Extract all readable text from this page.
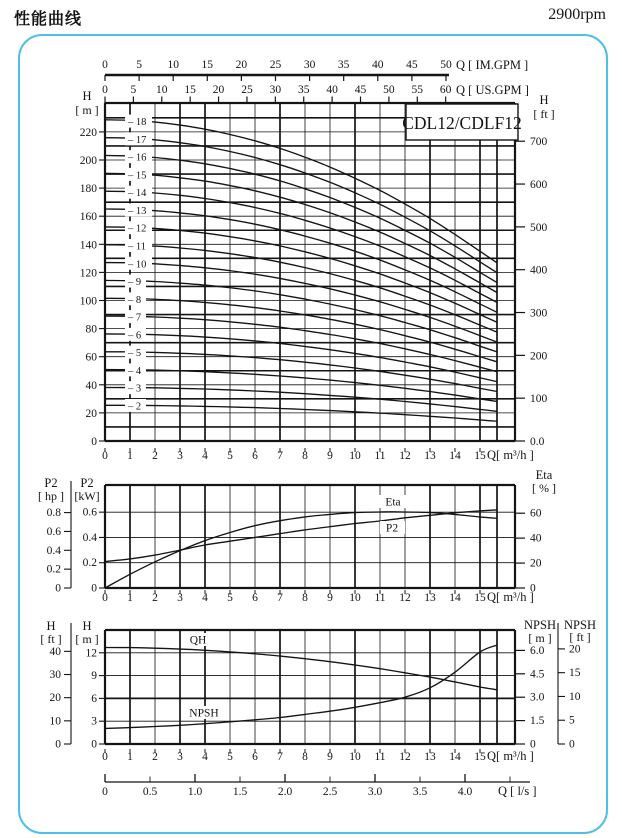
性能曲线	2900rpm
0 5 10 15 20 25 30 35 40 45 50 Q [ IM.GPM ]
0 5 10 15 20 25 30 35 40 45 50 55 60 Q [ US.GPM ]
0
20
40
60
80
100
120
140
160
180
200
220
H
[ m ]
700
600
500
400
300
200
100
0.0
H
[ ft ]
– 2
– 3
– 4
– 5
– 6
– 7
– 8
– 9
– 10
– 11
– 12
– 13
– 14
– 15
– 16
– 17
– 18	CDL12/CDLF12
0 1 2 3 4 5 6 7 8 9 10 11 12 13 14 15 Q[ m³/h ]
0.8
0.6
0.4
0.2
0
P2
[ hp ]
0.6
0.4
0.2
0
P2
[kW]
60
40
20
0
Eta
[ % ]
Eta
P2
0 1 2 3 4 5 6 7 8 9 10 11 12 13 14 15 Q[ m³/h ]
40
30
20
10
0
H
[ ft ]
12
9
6
3
0
H
[ m ]
6.0
4.5
3.0
1.5
0
NPSH
[ m ]
20
15
10
5
0
NPSH
[ ft ]
QH
NPSH
0 1 2 3 4 5 6 7 8 9 10 11 12 13 14 15 Q[ m³/h ]
0	0.5	1.0	1.5	2.0	2.5	3.0	3.5	4.0 Q [ l/s ]
